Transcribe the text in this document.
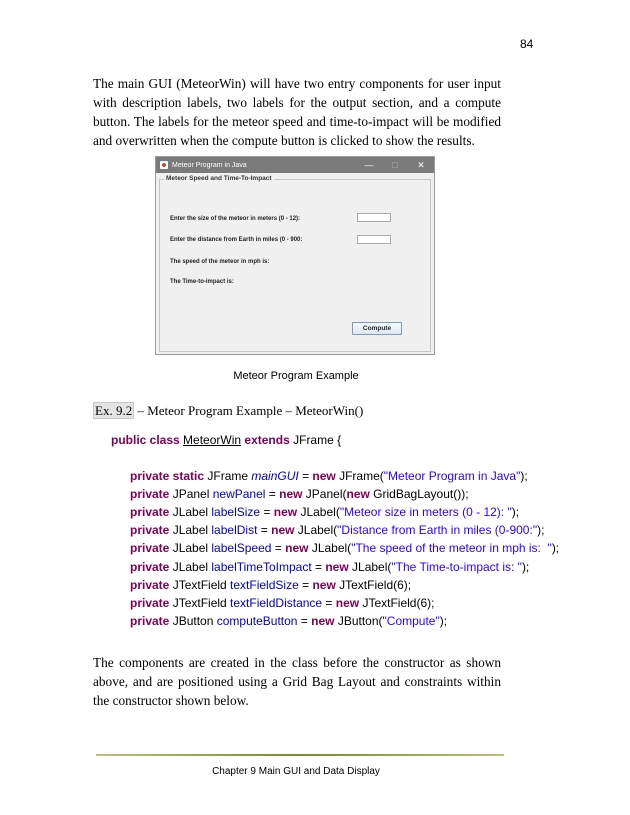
84

The main GUI (MeteorWin) will have two entry components for user input with description labels, two labels for the output section, and a compute button. The labels for the meteor speed and time-to-impact will be modified and overwritten when the compute button is clicked to show the results.

Meteor Program in Java	—	□	✕
Meteor Speed and Time-To-Impact
Enter the size of the meteor in meters (0 - 12):
Enter the distance from Earth in miles (0 - 900:
The speed of the meteor in mph is:
The Time-to-impact is:
Compute
Meteor Program Example
Ex. 9.2 – Meteor Program Example – MeteorWin()
public class MeteorWin extends JFrame {
private static JFrame mainGUI = new JFrame("Meteor Program in Java");
private JPanel newPanel = new JPanel(new GridBagLayout());
private JLabel labelSize = new JLabel("Meteor size in meters (0 - 12): ");
private JLabel labelDist = new JLabel("Distance from Earth in miles (0-900:");
private JLabel labelSpeed = new JLabel("The speed of the meteor in mph is:  ");
private JLabel labelTimeToImpact = new JLabel("The Time-to-impact is: ");
private JTextField textFieldSize = new JTextField(6);
private JTextField textFieldDistance = new JTextField(6);
private JButton computeButton = new JButton("Compute");

The components are created in the class before the constructor as shown above, and are positioned using a Grid Bag Layout and constraints within the constructor shown below.

Chapter 9 Main GUI and Data Display
